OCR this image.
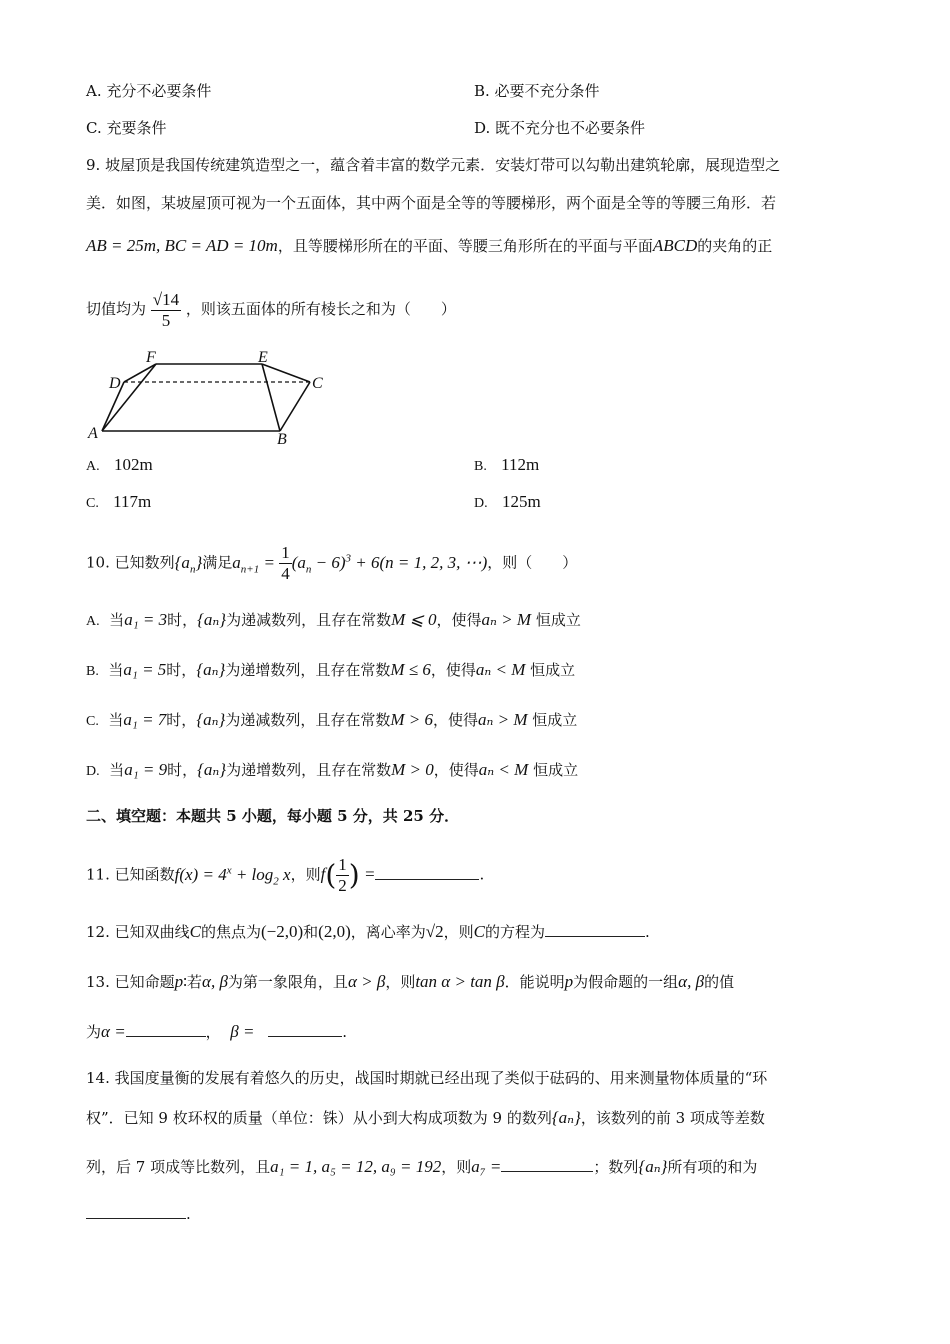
A. 充分不必要条件	B. 必要不充分条件
C. 充要条件	D. 既不充分也不必要条件
9. 坡屋顶是我国传统建筑造型之一，蕴含着丰富的数学元素．安装灯带可以勾勒出建筑轮廓，展现造型之
美．如图，某坡屋顶可视为一个五面体，其中两个面是全等的等腰梯形，两个面是全等的等腰三角形．若
AB = 25m, BC = AD = 10m，且等腰梯形所在的平面、等腰三角形所在的平面与平面ABCD的夹角的正
切值均为 $\frac{√14}{5}$ ，则该五面体的所有棱长之和为（　　）
A	B
C
D
E
F
A. 102m	B. 112m
C. 117m	D. 125m
10. 已知数列$\{a_n\}$满足$a_{n+1} = \frac{1}{4} (a_n - 6)^3 + 6(n = 1$, 2, 3, ⋯)，则（　　）
A. 当a₁ = 3时，{aₙ}为递减数列，且存在常数M ⩽ 0，使得aₙ > M 恒成立
B. 当a₁ = 5时，{aₙ}为递增数列，且存在常数M ≤ 6，使得aₙ < M 恒成立
C. 当a₁ = 7时，{aₙ}为递减数列，且存在常数M > 6，使得aₙ > M 恒成立
D. 当a₁ = 9时，{aₙ}为递增数列，且存在常数M > 0，使得aₙ < M 恒成立
二、填空题：本题共 5 小题，每小题 5 分，共 25 分．
11. 已知函数$f(x) = 4^x + \log_2 x$，则$f( \frac{1}{2}$ ) =	.
12. 已知双曲线C的焦点为(−2,0)和(2,0)，离心率为√2，则C的方程为	.
13. 已知命题p∶若α, β为第一象限角，且α > β，则tan α > tan β．能说明p为假命题的一组α, β的值
为α =	， β =	.
14. 我国度量衡的发展有着悠久的历史，战国时期就已经出现了类似于砝码的、用来测量物体质量的“环
权”．已知 9 枚环权的质量（单位：铢）从小到大构成项数为 9 的数列{aₙ}，该数列的前 3 项成等差数
列，后 7 项成等比数列，且a₁ = 1, a₅ = 12, a₉ = 192，则a₇ =	；数列{aₙ}所有项的和为
.
